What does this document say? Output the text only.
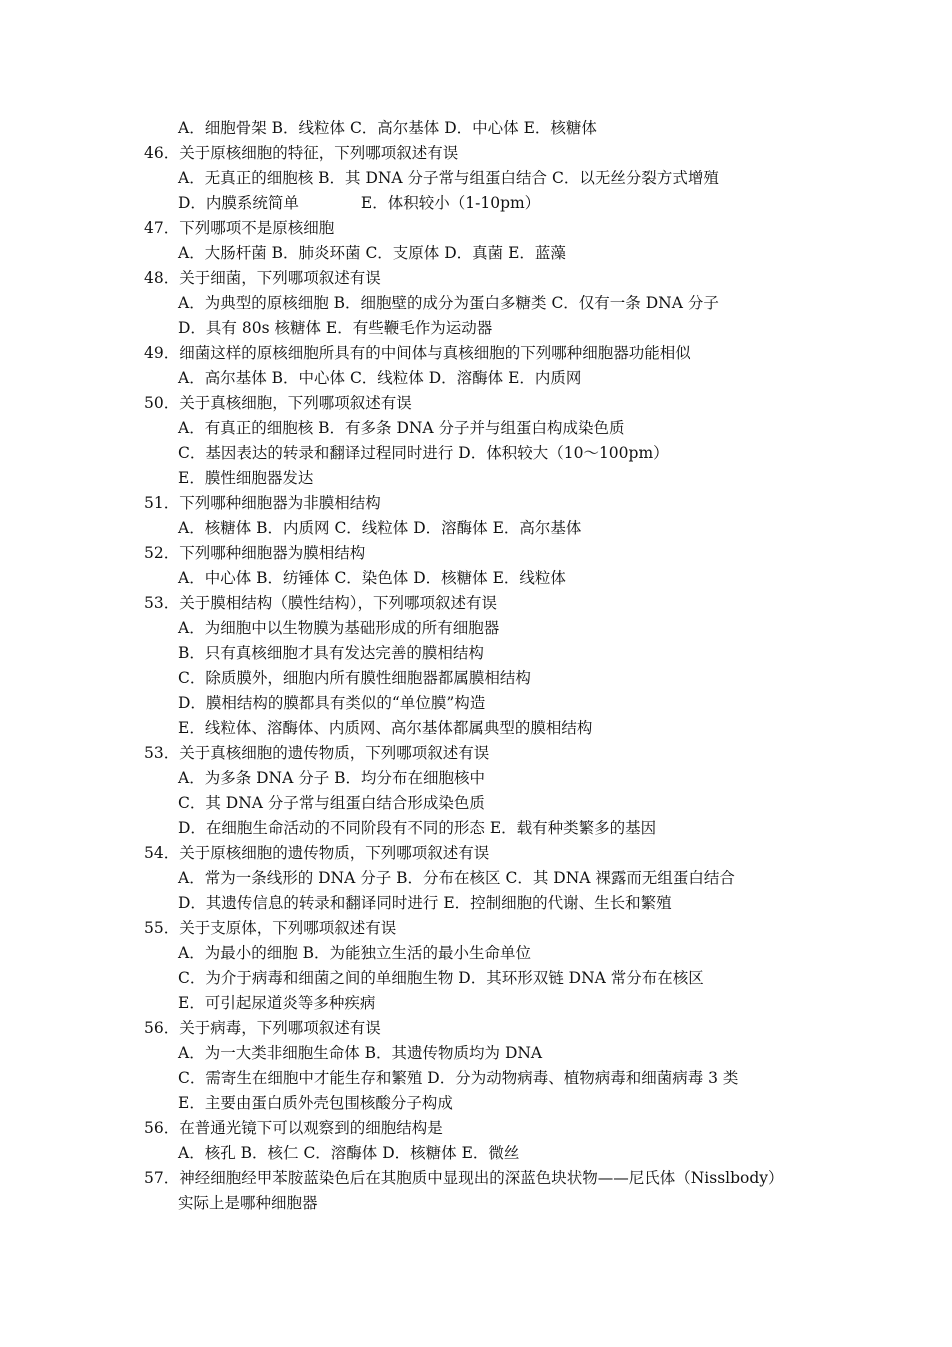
A．细胞骨架 B．线粒体 C．高尔基体 D．中心体 E．核糖体
46．关于原核细胞的特征，下列哪项叙述有误
A．无真正的细胞核 B．其 DNA 分子常与组蛋白结合 C．以无丝分裂方式增殖
D．内膜系统简单　　　　E．体积较小（1-10pm）
47．下列哪项不是原核细胞
A．大肠杆菌 B．肺炎环菌 C．支原体 D．真菌 E．蓝藻
48．关于细菌，下列哪项叙述有误
A．为典型的原核细胞 B．细胞壁的成分为蛋白多糖类 C．仅有一条 DNA 分子
D．具有 80s 核糖体 E．有些鞭毛作为运动器
49．细菌这样的原核细胞所具有的中间体与真核细胞的下列哪种细胞器功能相似
A．高尔基体 B．中心体 C．线粒体 D．溶酶体 E．内质网
50．关于真核细胞，下列哪项叙述有误
A．有真正的细胞核 B．有多条 DNA 分子并与组蛋白构成染色质
C．基因表达的转录和翻译过程同时进行 D．体积较大（10～100pm）
E．膜性细胞器发达
51．下列哪种细胞器为非膜相结构
A．核糖体 B．内质网 C．线粒体 D．溶酶体 E．高尔基体
52．下列哪种细胞器为膜相结构
A．中心体 B．纺锤体 C．染色体 D．核糖体 E．线粒体
53．关于膜相结构（膜性结构），下列哪项叙述有误
A．为细胞中以生物膜为基础形成的所有细胞器
B．只有真核细胞才具有发达完善的膜相结构
C．除质膜外，细胞内所有膜性细胞器都属膜相结构
D．膜相结构的膜都具有类似的“单位膜”构造
E．线粒体、溶酶体、内质网、高尔基体都属典型的膜相结构
53．关于真核细胞的遗传物质，下列哪项叙述有误
A．为多条 DNA 分子 B．均分布在细胞核中
C．其 DNA 分子常与组蛋白结合形成染色质
D．在细胞生命活动的不同阶段有不同的形态 E．载有种类繁多的基因
54．关于原核细胞的遗传物质，下列哪项叙述有误
A．常为一条线形的 DNA 分子 B．分布在核区 C．其 DNA 裸露而无组蛋白结合
D．其遗传信息的转录和翻译同时进行 E．控制细胞的代谢、生长和繁殖
55．关于支原体，下列哪项叙述有误
A．为最小的细胞 B．为能独立生活的最小生命单位
C．为介于病毒和细菌之间的单细胞生物 D．其环形双链 DNA 常分布在核区
E．可引起尿道炎等多种疾病
56．关于病毒，下列哪项叙述有误
A．为一大类非细胞生命体 B．其遗传物质均为 DNA
C．需寄生在细胞中才能生存和繁殖 D．分为动物病毒、植物病毒和细菌病毒 3 类
E．主要由蛋白质外壳包围核酸分子构成
56．在普通光镜下可以观察到的细胞结构是
A．核孔 B．核仁 C．溶酶体 D．核糖体 E．微丝
57．神经细胞经甲苯胺蓝染色后在其胞质中显现出的深蓝色块状物——尼氏体（Nisslbody）
实际上是哪种细胞器
